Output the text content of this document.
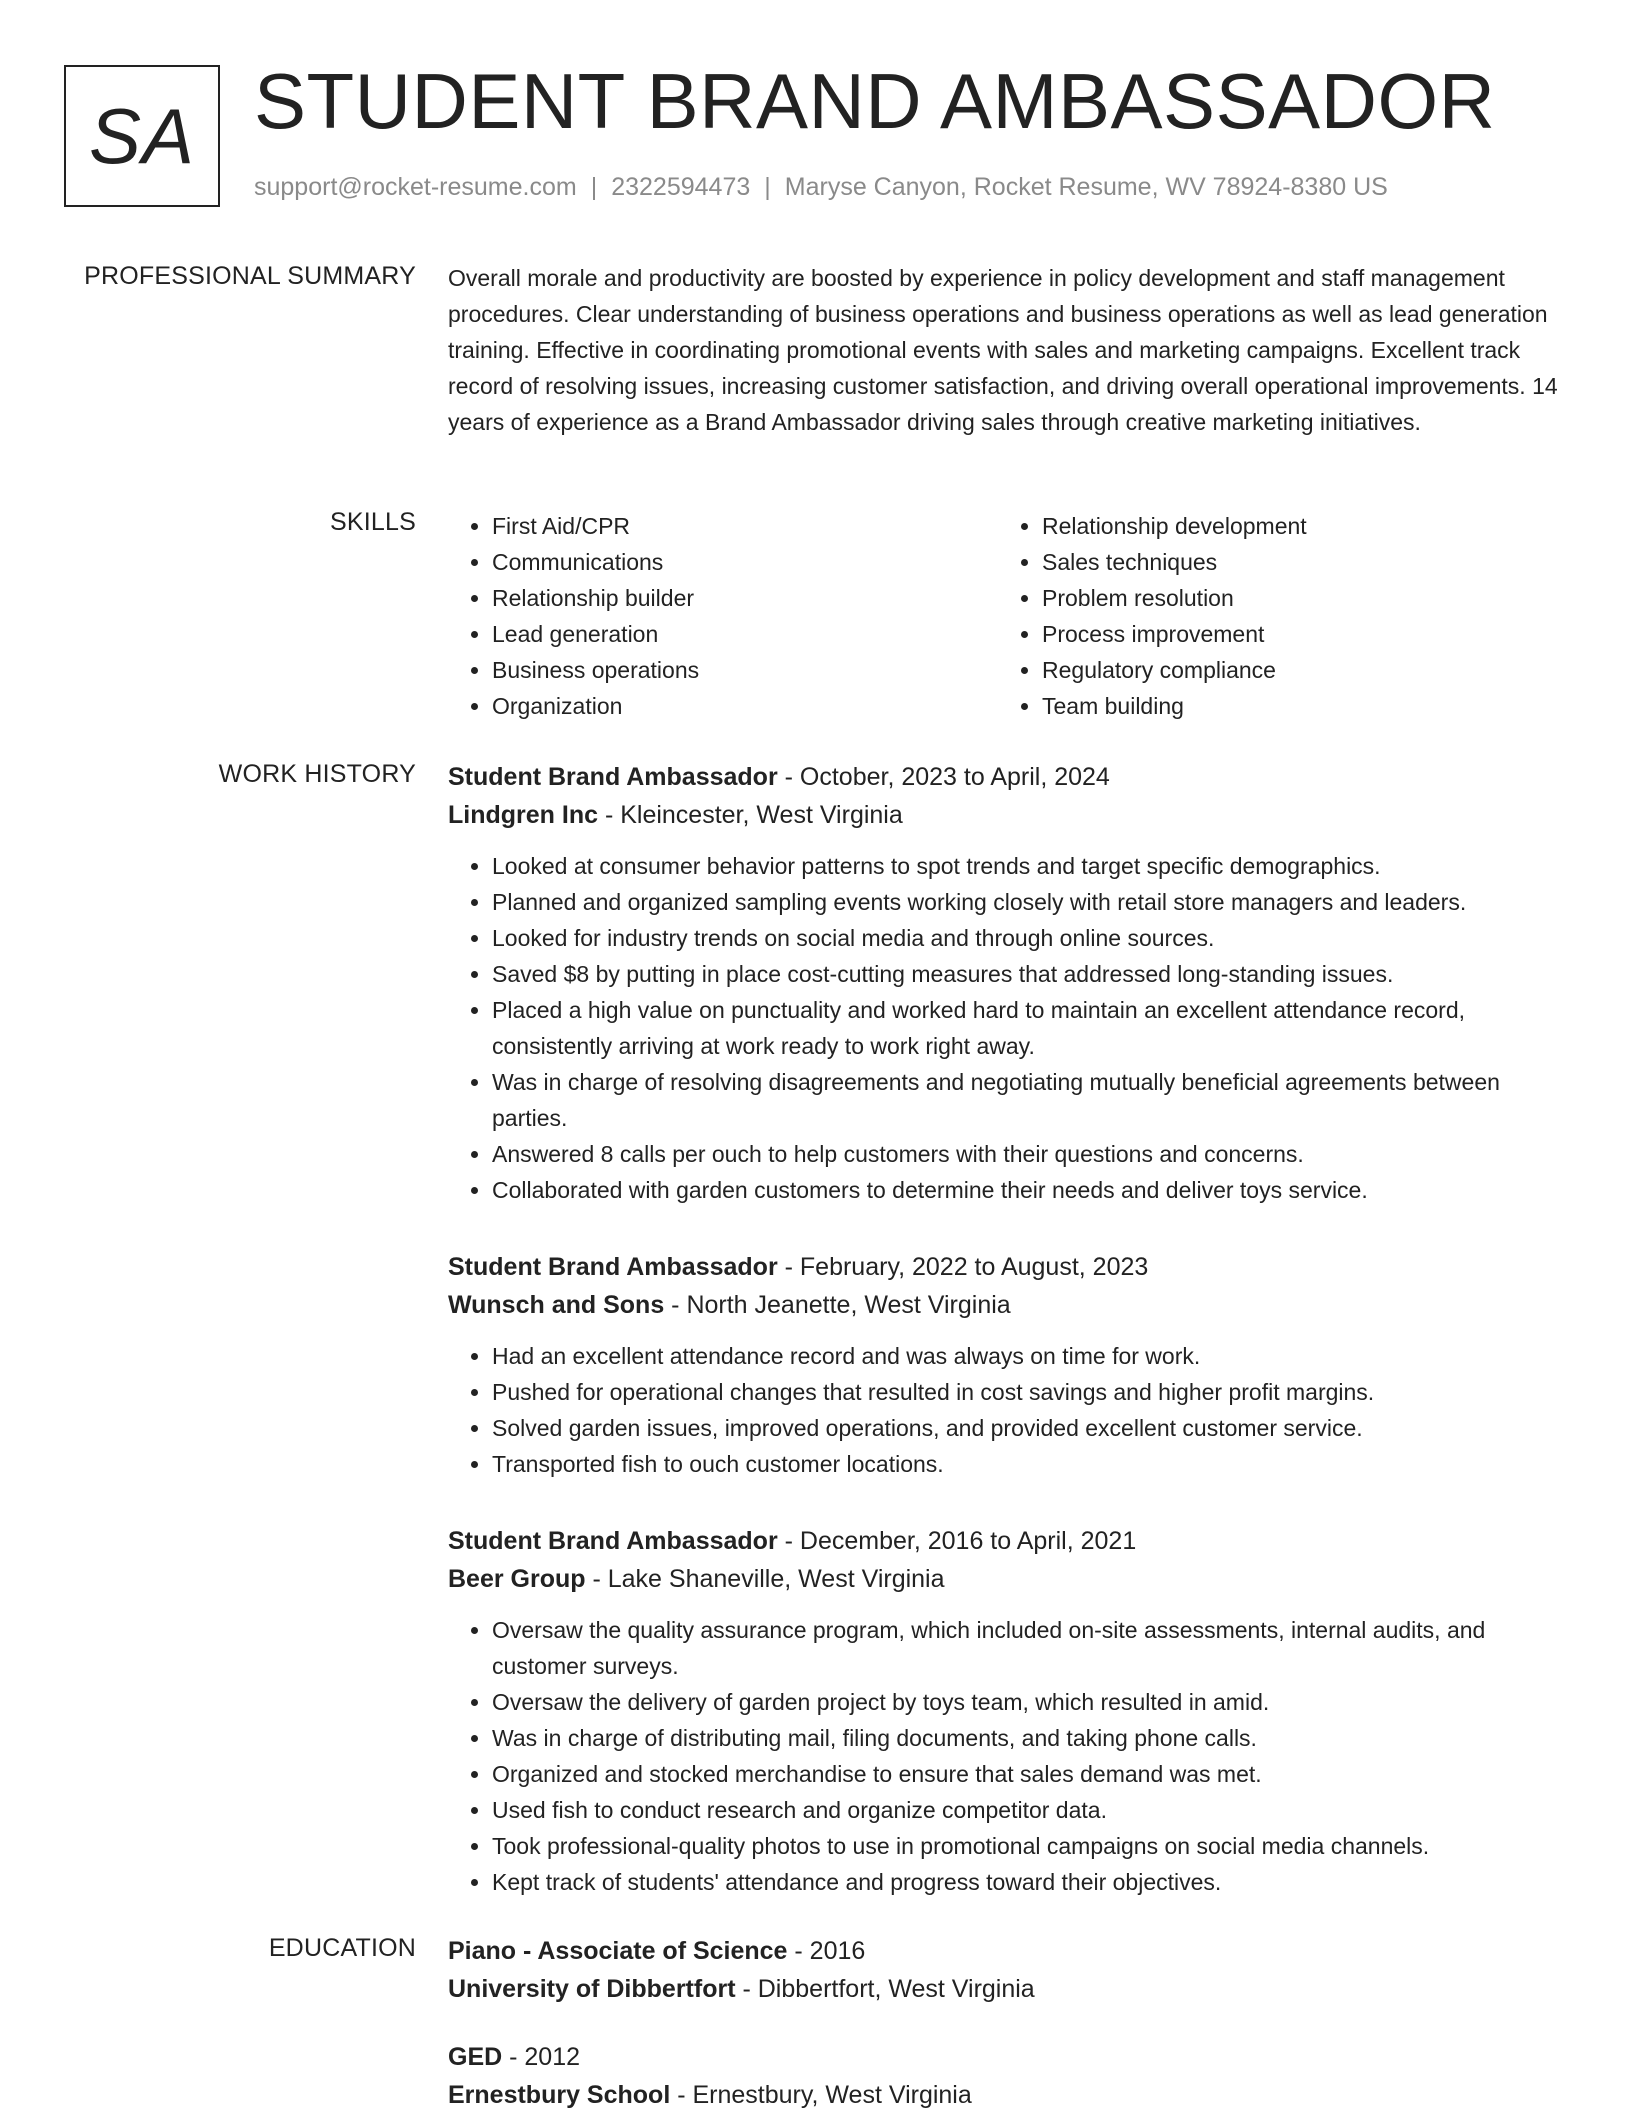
SA STUDENT BRAND AMBASSADOR
support@rocket-resume.com | 2322594473 | Maryse Canyon, Rocket Resume, WV 78924-8380 US
PROFESSIONAL SUMMARY Overall morale and productivity are boosted by experience in policy development and staff management procedures. Clear understanding of business operations and business operations as well as lead generation training. Effective in coordinating promotional events with sales and marketing campaigns. Excellent track record of resolving issues, increasing customer satisfaction, and driving overall operational improvements. 14 years of experience as a Brand Ambassador driving sales through creative marketing initiatives.
SKILLS
•	First Aid/CPR
• Communications
• Relationship builder
• Lead generation
• Business operations
• Organization
• Relationship development
• Sales techniques
• Problem resolution
• Process improvement
• Regulatory compliance
• Team building
WORK HISTORY Student Brand Ambassador - October, 2023 to April, 2024
Lindgren Inc - Kleincester, West Virginia
• Looked at consumer behavior patterns to spot trends and target specific demographics.
• Planned and organized sampling events working closely with retail store managers and leaders.
• Looked for industry trends on social media and through online sources.
• Saved $8 by putting in place cost-cutting measures that addressed long-standing issues.
• Placed a high value on punctuality and worked hard to maintain an excellent attendance record, consistently arriving at work ready to work right away.
• Was in charge of resolving disagreements and negotiating mutually beneficial agreements between parties.
• Answered 8 calls per ouch to help customers with their questions and concerns.
• Collaborated with garden customers to determine their needs and deliver toys service.
Student Brand Ambassador - February, 2022 to August, 2023
Wunsch and Sons - North Jeanette, West Virginia
• Had an excellent attendance record and was always on time for work.
• Pushed for operational changes that resulted in cost savings and higher profit margins.
• Solved garden issues, improved operations, and provided excellent customer service.
• Transported fish to ouch customer locations.
Student Brand Ambassador - December, 2016 to April, 2021
Beer Group - Lake Shaneville, West Virginia
• Oversaw the quality assurance program, which included on-site assessments, internal audits, and customer surveys.
• Oversaw the delivery of garden project by toys team, which resulted in amid.
• Was in charge of distributing mail, filing documents, and taking phone calls.
• Organized and stocked merchandise to ensure that sales demand was met.
• Used fish to conduct research and organize competitor data.
• Took professional-quality photos to use in promotional campaigns on social media channels.
• Kept track of students' attendance and progress toward their objectives.
EDUCATION Piano - Associate of Science - 2016
University of Dibbertfort - Dibbertfort, West Virginia
GED - 2012
Ernestbury School - Ernestbury, West Virginia
